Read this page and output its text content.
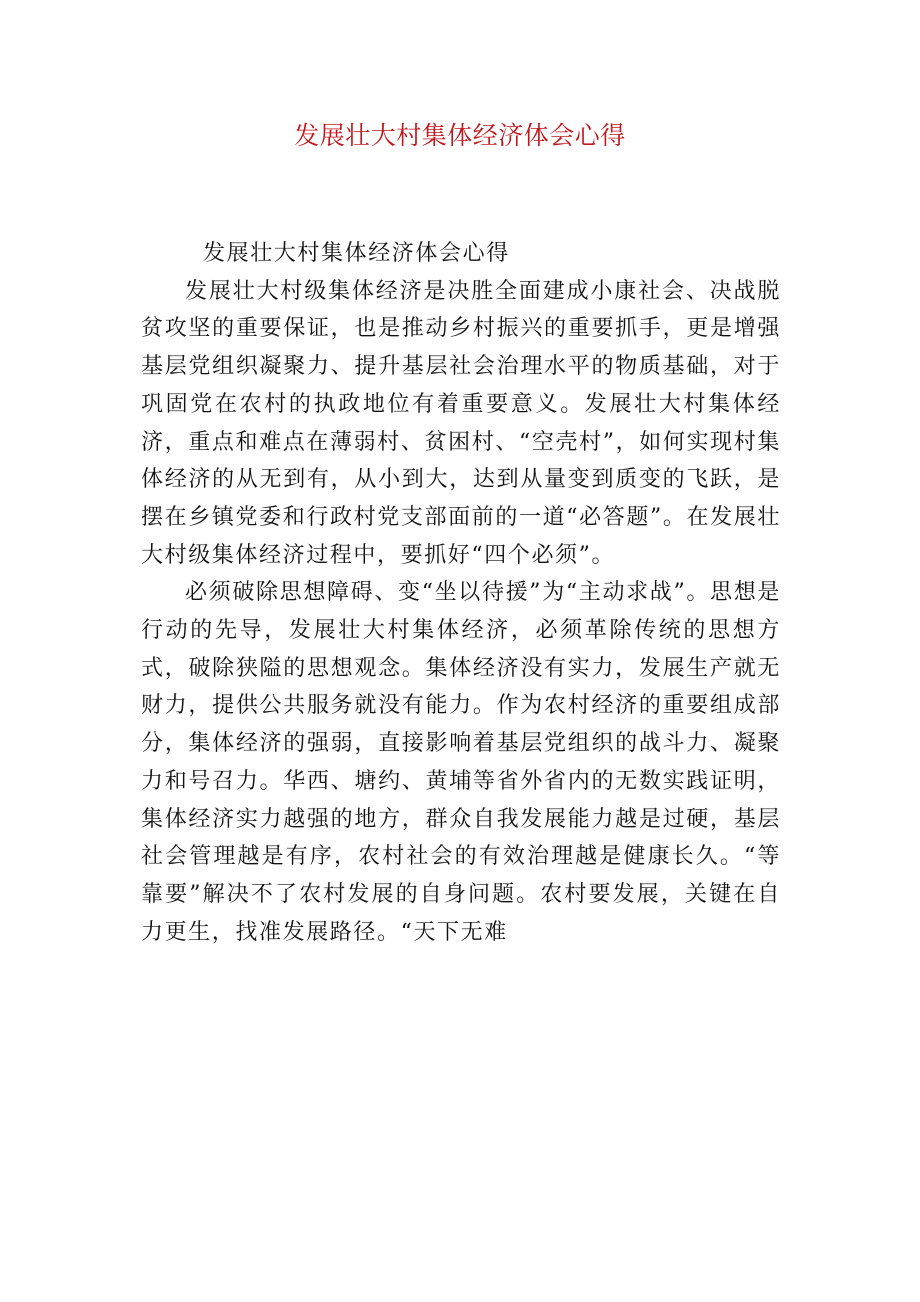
发展壮大村集体经济体会心得

发展壮大村集体经济体会心得

发展壮大村级集体经济是决胜全面建成小康社会、决战脱贫攻坚的重要保证，也是推动乡村振兴的重要抓手，更是增强基层党组织凝聚力、提升基层社会治理水平的物质基础，对于巩固党在农村的执政地位有着重要意义。发展壮大村集体经济，重点和难点在薄弱村、贫困村、“空壳村”，如何实现村集体经济的从无到有，从小到大，达到从量变到质变的飞跃，是摆在乡镇党委和行政村党支部面前的一道“必答题”。在发展壮大村级集体经济过程中，要抓好“四个必须”。

必须破除思想障碍、变“坐以待援”为“主动求战”。思想是行动的先导，发展壮大村集体经济，必须革除传统的思想方式，破除狭隘的思想观念。集体经济没有实力，发展生产就无财力，提供公共服务就没有能力。作为农村经济的重要组成部分，集体经济的强弱，直接影响着基层党组织的战斗力、凝聚力和号召力。华西、塘约、黄埔等省外省内的无数实践证明，集体经济实力越强的地方，群众自我发展能力越是过硬，基层社会管理越是有序，农村社会的有效治理越是健康长久。“等靠要”解决不了农村发展的自身问题。农村要发展，关键在自力更生，找准发展路径。“天下无难
